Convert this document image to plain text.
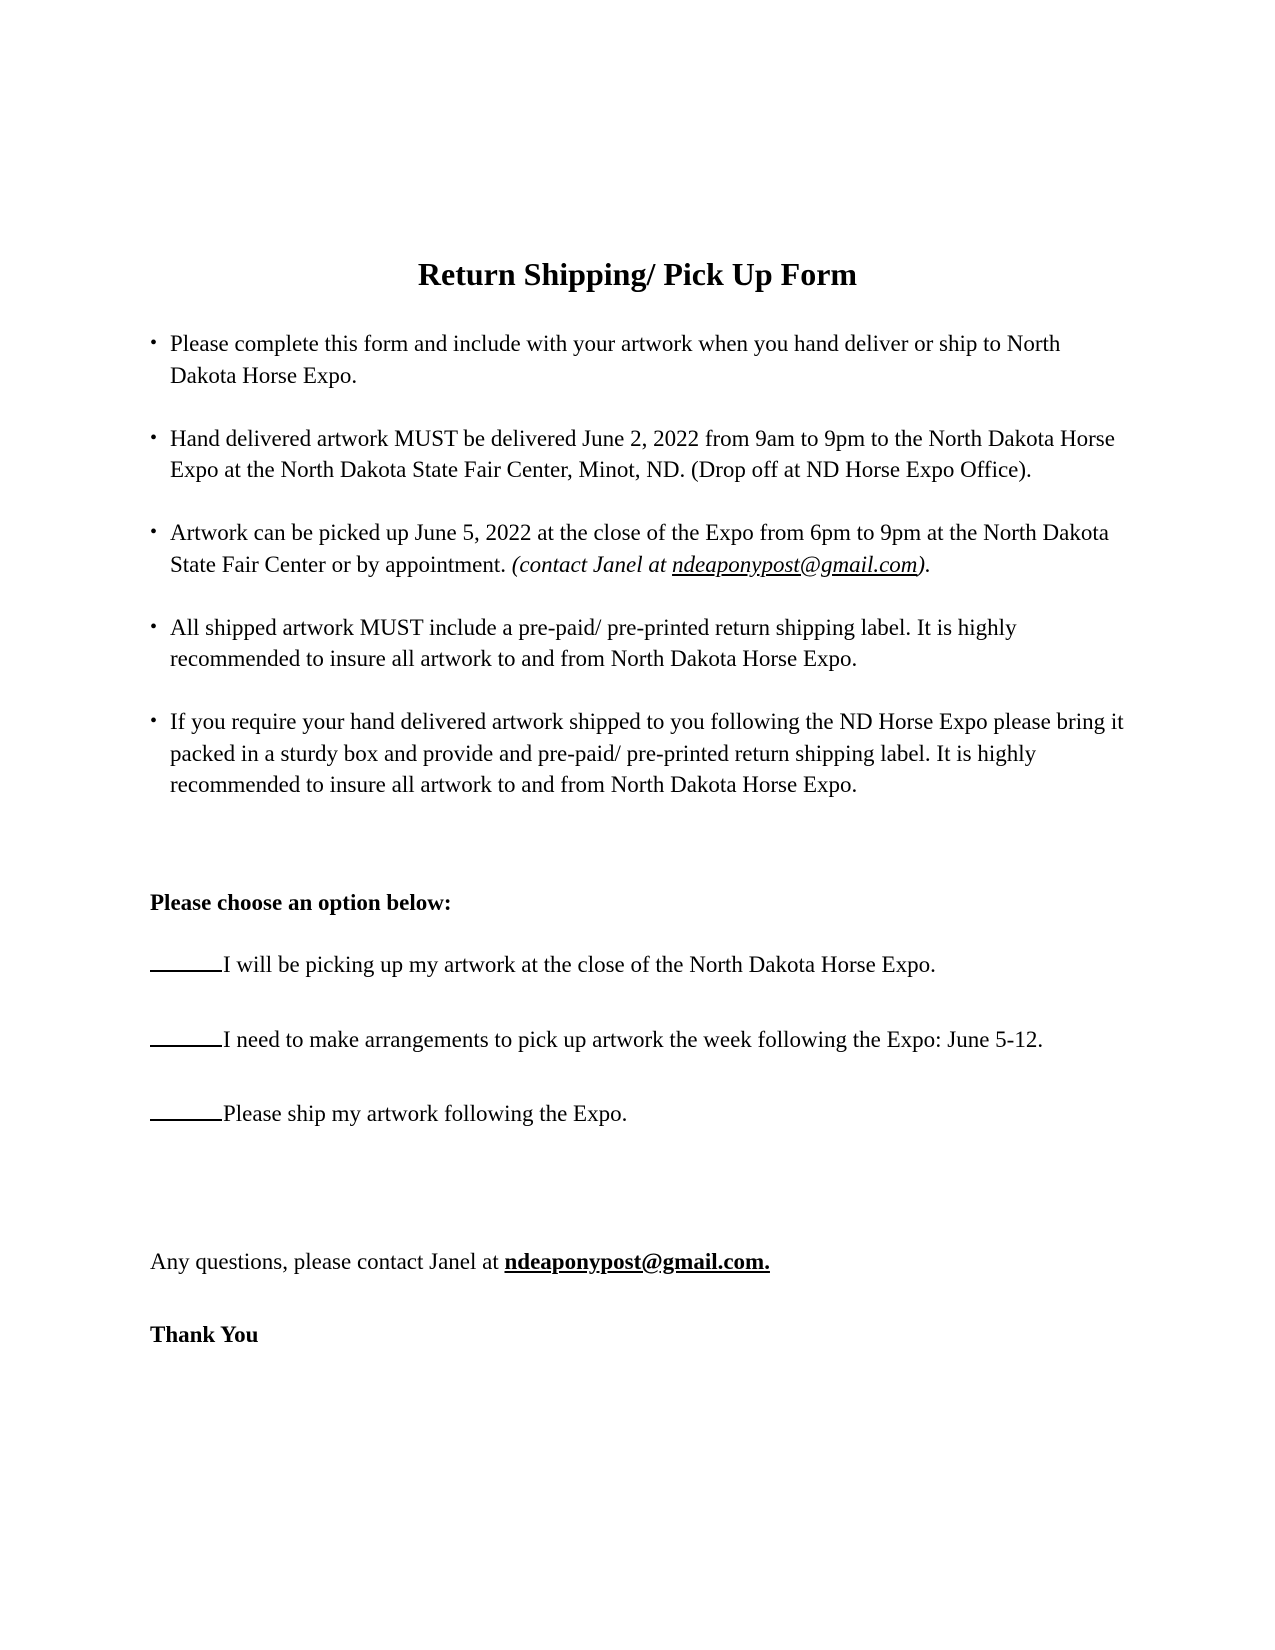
Return Shipping/ Pick Up Form
• Please complete this form and include with your artwork when you hand deliver or ship to North Dakota Horse Expo.
• Hand delivered artwork MUST be delivered June 2, 2022 from 9am to 9pm to the North Dakota Horse Expo at the North Dakota State Fair Center, Minot, ND. (Drop off at ND Horse Expo Office).
• Artwork can be picked up June 5, 2022 at the close of the Expo from 6pm to 9pm at the North Dakota State Fair Center or by appointment. (contact Janel at ndeaponypost@gmail.com).
• All shipped artwork MUST include a pre-paid/ pre-printed return shipping label. It is highly recommended to insure all artwork to and from North Dakota Horse Expo.
• If you require your hand delivered artwork shipped to you following the ND Horse Expo please bring it packed in a sturdy box and provide and pre-paid/ pre-printed return shipping label. It is highly recommended to insure all artwork to and from North Dakota Horse Expo.
Please choose an option below:
I will be picking up my artwork at the close of the North Dakota Horse Expo.
I need to make arrangements to pick up artwork the week following the Expo: June 5-12.
Please ship my artwork following the Expo.
Any questions, please contact Janel at ndeaponypost@gmail.com.
Thank You
